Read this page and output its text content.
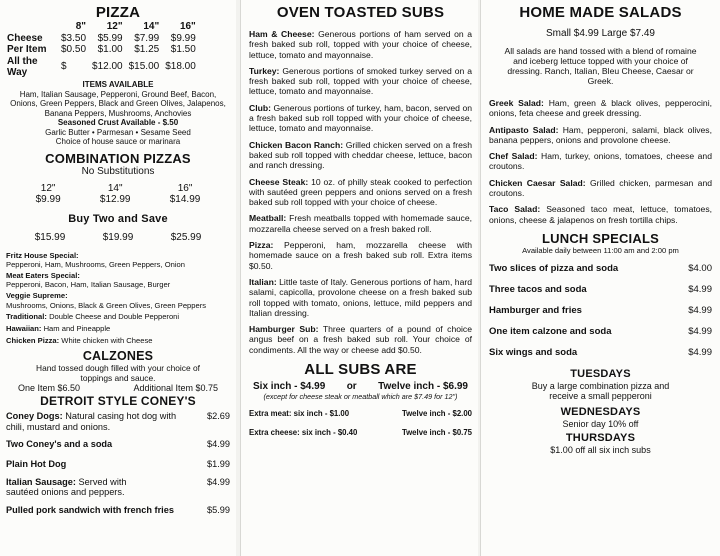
PIZZA
	8"	12"	14"	16"
Cheese	$3.50	$5.99	$7.99	$9.99
Per Item	$0.50	$1.00	$1.25	$1.50
All the Way	$	$12.00	$15.00	$18.00
ITEMS AVAILABLE
Ham, Italian Sausage, Pepperoni, Ground Beef, Bacon, Onions, Green Peppers, Black and Green Olives, Jalapenos, Banana Peppers, Mushrooms, Anchovies
Seasoned Crust Available - $.50
Garlic Butter • Parmesan • Sesame Seed
Choice of house sauce or marinara
COMBINATION PIZZAS
No Substitutions
12"
$9.99
14"
$12.99
16"
$14.99
Buy Two and Save
$15.99	$19.99	$25.99
Fritz House Special:
Pepperoni, Ham, Mushrooms, Green Peppers, Onion
Meat Eaters Special:
Pepperoni, Bacon, Ham, Italian Sausage, Burger
Veggie Supreme:
Mushrooms, Onions, Black & Green Olives, Green Peppers
Traditional: Double Cheese and Double Pepperoni
Hawaiian: Ham and Pineapple
Chicken Pizza: White chicken with Cheese
CALZONES
Hand tossed dough filled with your choice of toppings and sauce.
One Item $6.50	Additional Item $0.75
DETROIT STYLE CONEY'S
Coney Dogs: Natural casing hot dog with chili, mustard and onions.
$2.69
Two Coney's and a soda	$4.99
Plain Hot Dog	$1.99
Italian Sausage: Served with sautéed onions and peppers.
$4.99
Pulled pork sandwich with french fries	$5.99
OVEN TOASTED SUBS
Ham & Cheese: Generous portions of ham served on a fresh baked sub roll, topped with your choice of cheese, lettuce, tomato and mayonnaise.
Turkey: Generous portions of smoked turkey served on a fresh baked sub roll, topped with your choice of cheese, lettuce, tomato and mayonnaise.
Club: Generous portions of turkey, ham, bacon, served on a fresh baked sub roll topped with your choice of cheese, lettuce, tomato and mayonnaise.
Chicken Bacon Ranch: Grilled chicken served on a fresh baked sub roll topped with cheddar cheese, lettuce, bacon and ranch dressing.
Cheese Steak: 10 oz. of philly steak cooked to perfection with sautéed green peppers and onions served on a fresh baked sub roll topped with your choice of cheese.
Meatball: Fresh meatballs topped with homemade sauce, mozzarella cheese served on a fresh baked roll.
Pizza: Pepperoni, ham, mozzarella cheese with homemade sauce on a fresh baked sub roll. Extra items $0.50.
Italian: Little taste of Italy. Generous portions of ham, hard salami, capicolla, provolone cheese on a fresh baked sub roll topped with tomato, onions, lettuce, mild peppers and Italian dressing.
Hamburger Sub: Three quarters of a pound of choice angus beef on a fresh baked sub roll. Your choice of condiments. All the way or cheese add $0.50.
ALL SUBS ARE
Six inch - $4.99 or Twelve inch - $6.99
(except for cheese steak or meatball which are $7.49 for 12")
Extra meat: six inch - $1.00	Twelve inch - $2.00
Extra cheese: six inch - $0.40	Twelve inch - $0.75
HOME MADE SALADS
Small $4.99 Large $7.49
All salads are hand tossed with a blend of romaine and iceberg lettuce topped with your choice of dressing. Ranch, Italian, Bleu Cheese, Caesar or Greek.
Greek Salad: Ham, green & black olives, pepperocini, onions, feta cheese and greek dressing.
Antipasto Salad: Ham, pepperoni, salami, black olives, banana peppers, onions and provolone cheese.
Chef Salad: Ham, turkey, onions, tomatoes, cheese and croutons.
Chicken Caesar Salad: Grilled chicken, parmesan and croutons.
Taco Salad: Seasoned taco meat, lettuce, tomatoes, onions, cheese & jalapenos on fresh tortilla chips.
LUNCH SPECIALS
Available daily between 11:00 am and 2:00 pm
Two slices of pizza and soda	$4.00
Three tacos and soda	$4.99
Hamburger and fries	$4.99
One item calzone and soda	$4.99
Six wings and soda	$4.99
TUESDAYS
Buy a large combination pizza and receive a small pepperoni
WEDNESDAYS
Senior day 10% off
THURSDAYS
$1.00 off all six inch subs
